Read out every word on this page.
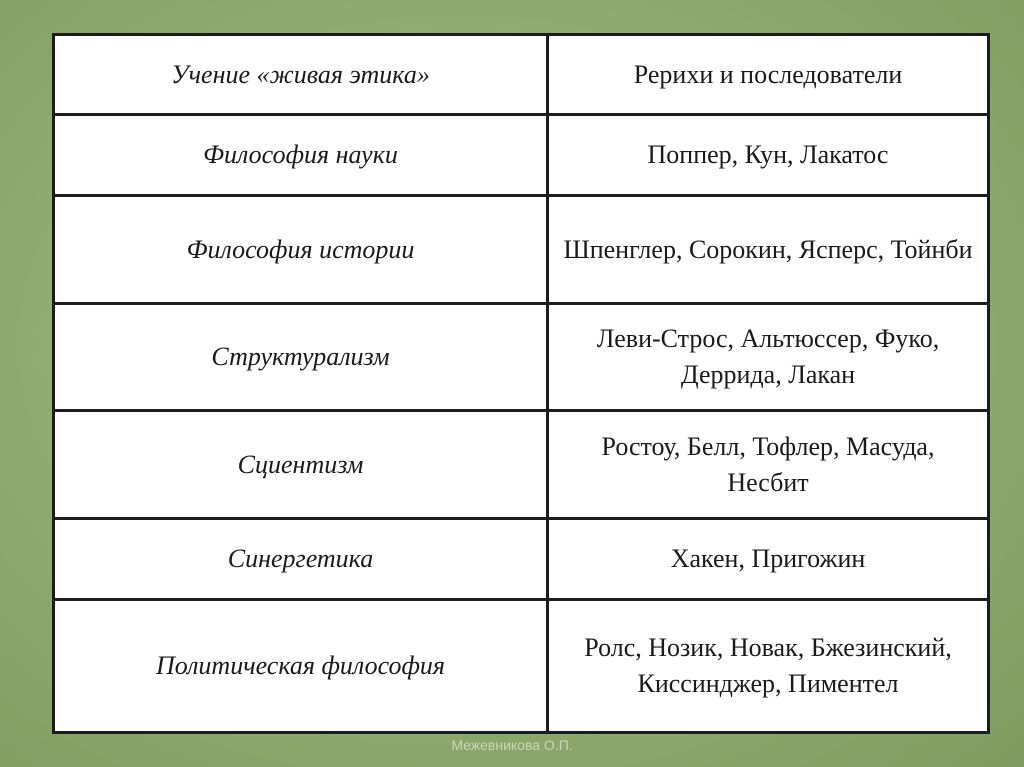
Учение «живая этика»	Рерихи и последователи
Философия науки	Поппер, Кун, Лакатос
Философия истории	Шпенглер, Сорокин, Ясперс, Тойнби
Структурализм	Леви-Строс, Альтюссер, Фуко, Деррида, Лакан
Сциентизм	Ростоу, Белл, Тофлер, Масуда, Несбит
Синергетика	Хакен, Пригожин
Политическая философия	Ролс, Нозик, Новак, Бжезинский, Киссинджер, Пиментел
Межевникова О.П.
